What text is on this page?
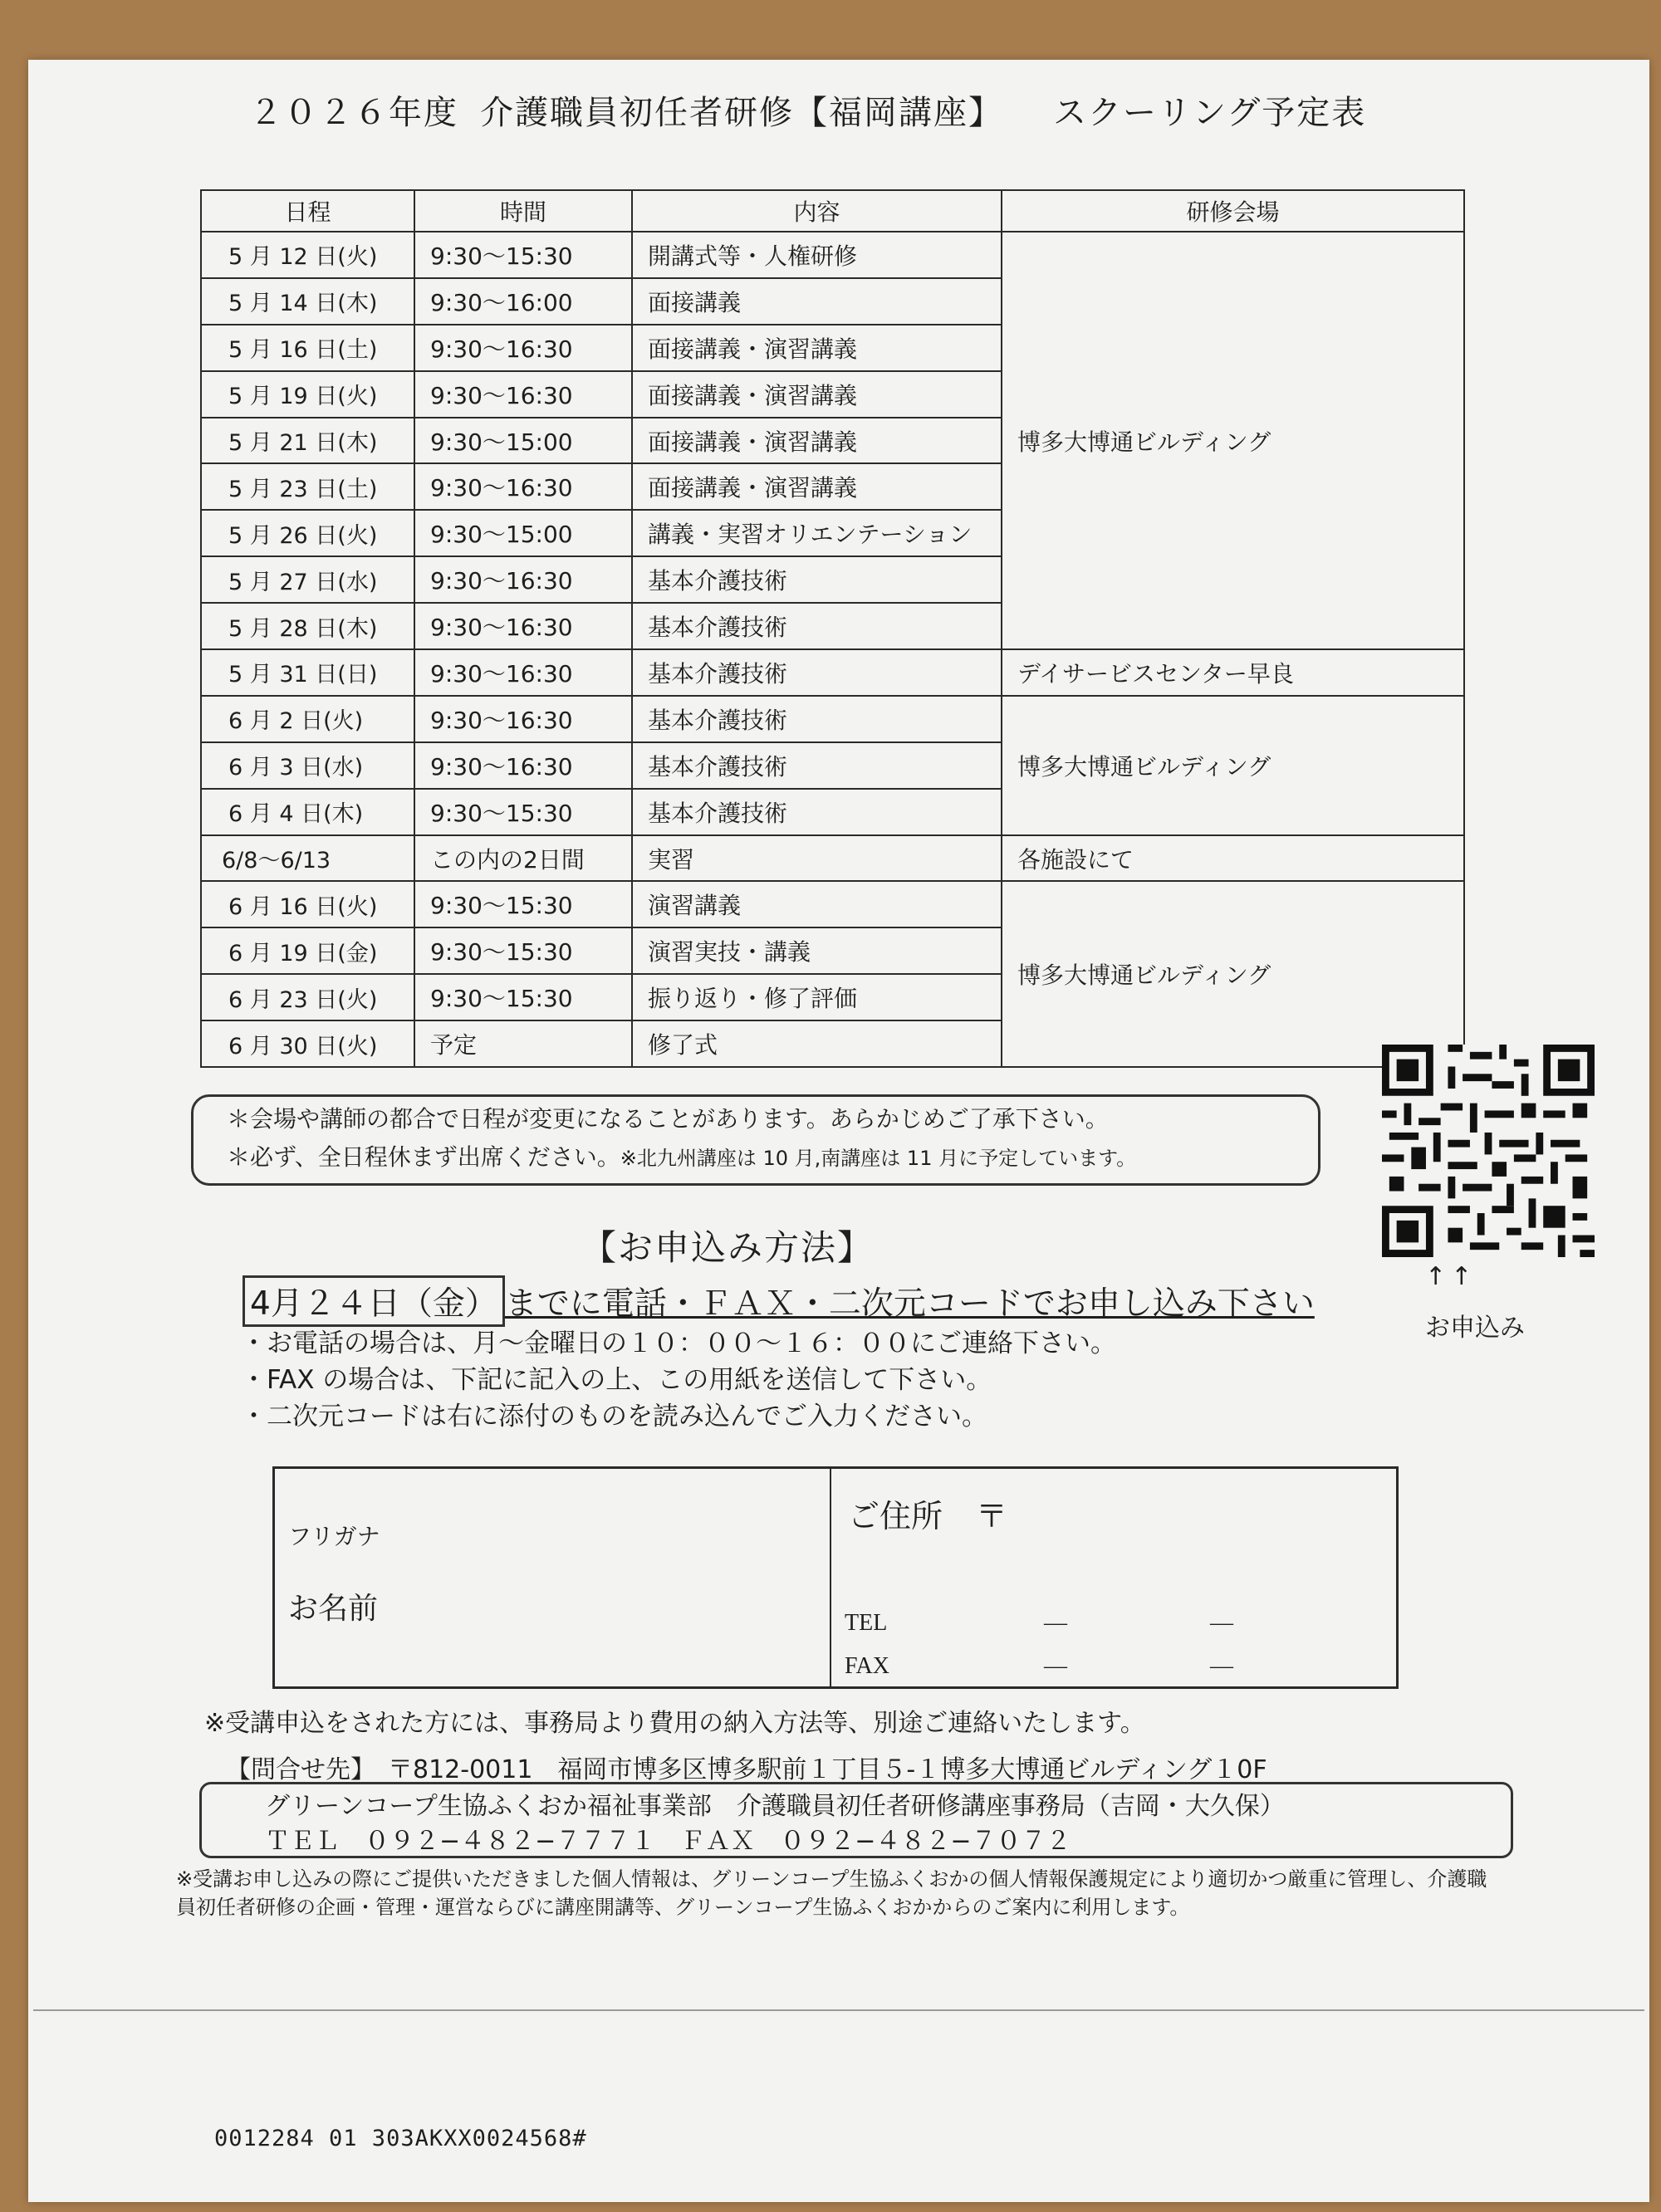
２０２６年度 介護職員初任者研修【福岡講座】 スクーリング予定表
日程	時間	内容	研修会場
5 月 12 日(火)	9:30～15:30	開講式等・人権研修	博多大博通ビルディング
5 月 14 日(木)	9:30～16:00	面接講義	
5 月 16 日(土)	9:30～16:30	面接講義・演習講義	
5 月 19 日(火)	9:30～16:30	面接講義・演習講義	
5 月 21 日(木)	9:30～15:00	面接講義・演習講義	
5 月 23 日(土)	9:30～16:30	面接講義・演習講義	
5 月 26 日(火)	9:30～15:00	講義・実習オリエンテーション	
5 月 27 日(水)	9:30～16:30	基本介護技術	
5 月 28 日(木)	9:30～16:30	基本介護技術	
5 月 31 日(日)	9:30～16:30	基本介護技術	デイサービスセンター早良
6 月 2 日(火)	9:30～16:30	基本介護技術	博多大博通ビルディング
6 月 3 日(水)	9:30～16:30	基本介護技術	
6 月 4 日(木)	9:30～15:30	基本介護技術	
6/8～6/13	この内の2日間	実習	各施設にて
6 月 16 日(火)	9:30～15:30	演習講義	博多大博通ビルディング
6 月 19 日(金)	9:30～15:30	演習実技・講義	
6 月 23 日(火)	9:30～15:30	振り返り・修了評価	
6 月 30 日(火)	予定	修了式	
＊会場や講師の都合で日程が変更になることがあります。あらかじめご了承下さい。
＊必ず、全日程休まず出席ください。※北九州講座は 10 月,南講座は 11 月に予定しています。
↑↑
お申込み
【お申込み方法】
4月２４日（金） までに電話・ＦＡＸ・二次元コードでお申し込み下さい
・お電話の場合は、月～金曜日の１０：００～１６：００にご連絡下さい。
・FAX の場合は、下記に記入の上、この用紙を送信して下さい。
・二次元コードは右に添付のものを読み込んでご入力ください。
フリガナ
お名前
ご住所 〒
TEL	―	―
FAX	―	―
※受講申込をされた方には、事務局より費用の納入方法等、別途ご連絡いたします。
【問合せ先】　〒812-0011　福岡市博多区博多駅前１丁目５-１博多大博通ビルディング１0F
グリーンコープ生協ふくおか福祉事業部　介護職員初任者研修講座事務局（吉岡・大久保）
ＴＥＬ　０９２−４８２−７７７１　ＦＡＸ　０９２−４８２−７０７２
※受講お申し込みの際にご提供いただきました個人情報は、グリーンコープ生協ふくおかの個人情報保護規定により適切かつ厳重に管理し、介護職員初任者研修の企画・管理・運営ならびに講座開講等、グリーンコープ生協ふくおかからのご案内に利用します。
0012284 01 303AKXX0024568#
